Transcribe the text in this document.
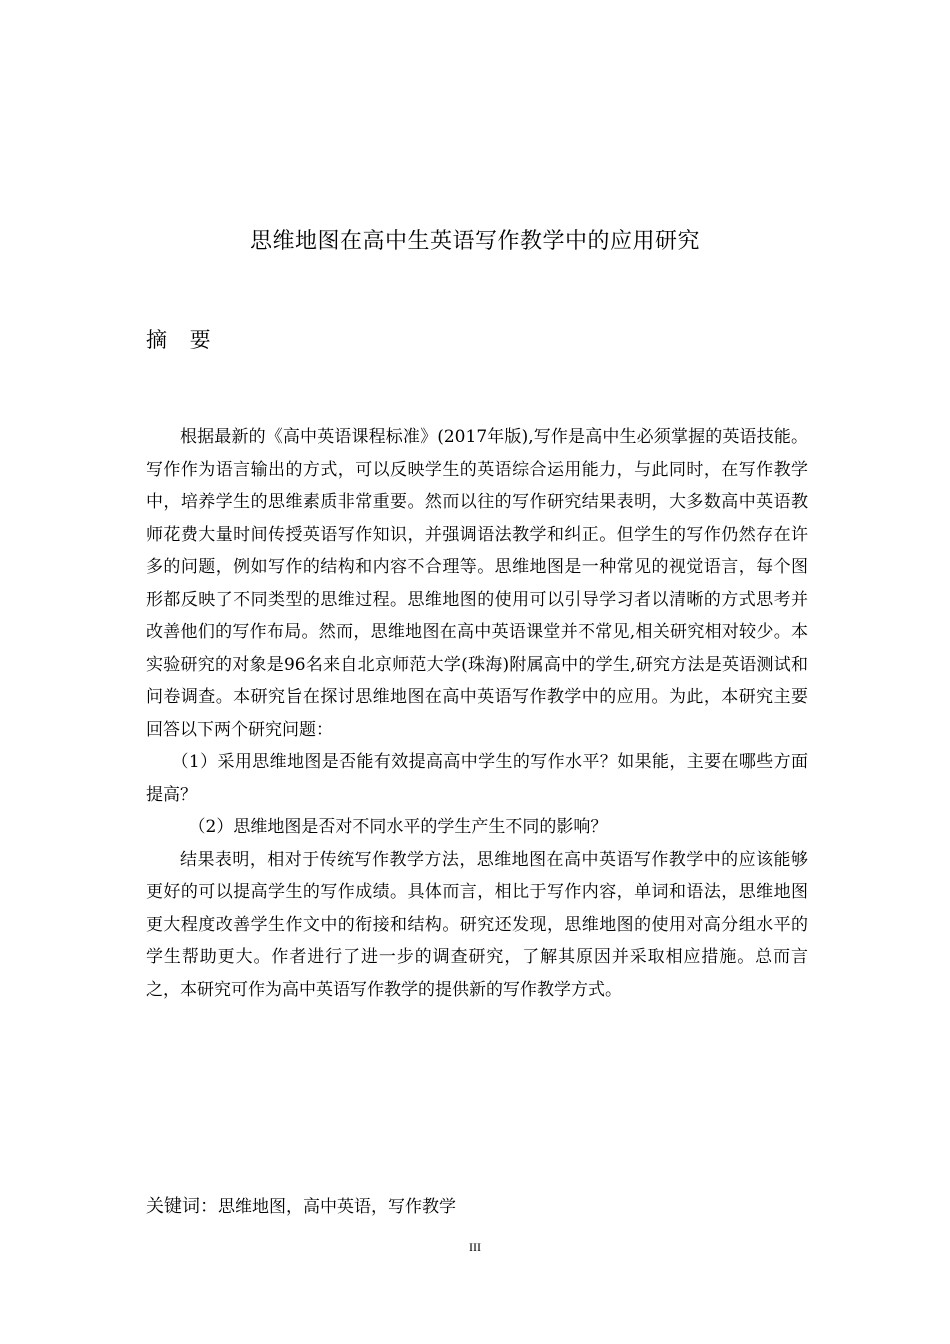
思维地图在高中生英语写作教学中的应用研究
摘 要

根据最新的《高中英语课程标准》(2017年版),写作是高中生必须掌握的英语技能。写作作为语言输出的方式，可以反映学生的英语综合运用能力，与此同时，在写作教学中，培养学生的思维素质非常重要。然而以往的写作研究结果表明，大多数高中英语教师花费大量时间传授英语写作知识，并强调语法教学和纠正。但学生的写作仍然存在许多的问题，例如写作的结构和内容不合理等。思维地图是一种常见的视觉语言，每个图形都反映了不同类型的思维过程。思维地图的使用可以引导学习者以清晰的方式思考并改善他们的写作布局。然而，思维地图在高中英语课堂并不常见,相关研究相对较少。本实验研究的对象是96名来自北京师范大学(珠海)附属高中的学生,研究方法是英语测试和问卷调查。本研究旨在探讨思维地图在高中英语写作教学中的应用。为此，本研究主要回答以下两个研究问题：

（1）采用思维地图是否能有效提高高中学生的写作水平？如果能，主要在哪些方面提高？

（2）思维地图是否对不同水平的学生产生不同的影响？

结果表明，相对于传统写作教学方法，思维地图在高中英语写作教学中的应该能够更好的可以提高学生的写作成绩。具体而言，相比于写作内容，单词和语法，思维地图更大程度改善学生作文中的衔接和结构。研究还发现，思维地图的使用对高分组水平的学生帮助更大。作者进行了进一步的调查研究，了解其原因并采取相应措施。总而言之，本研究可作为高中英语写作教学的提供新的写作教学方式。

关键词：思维地图，高中英语，写作教学
III
